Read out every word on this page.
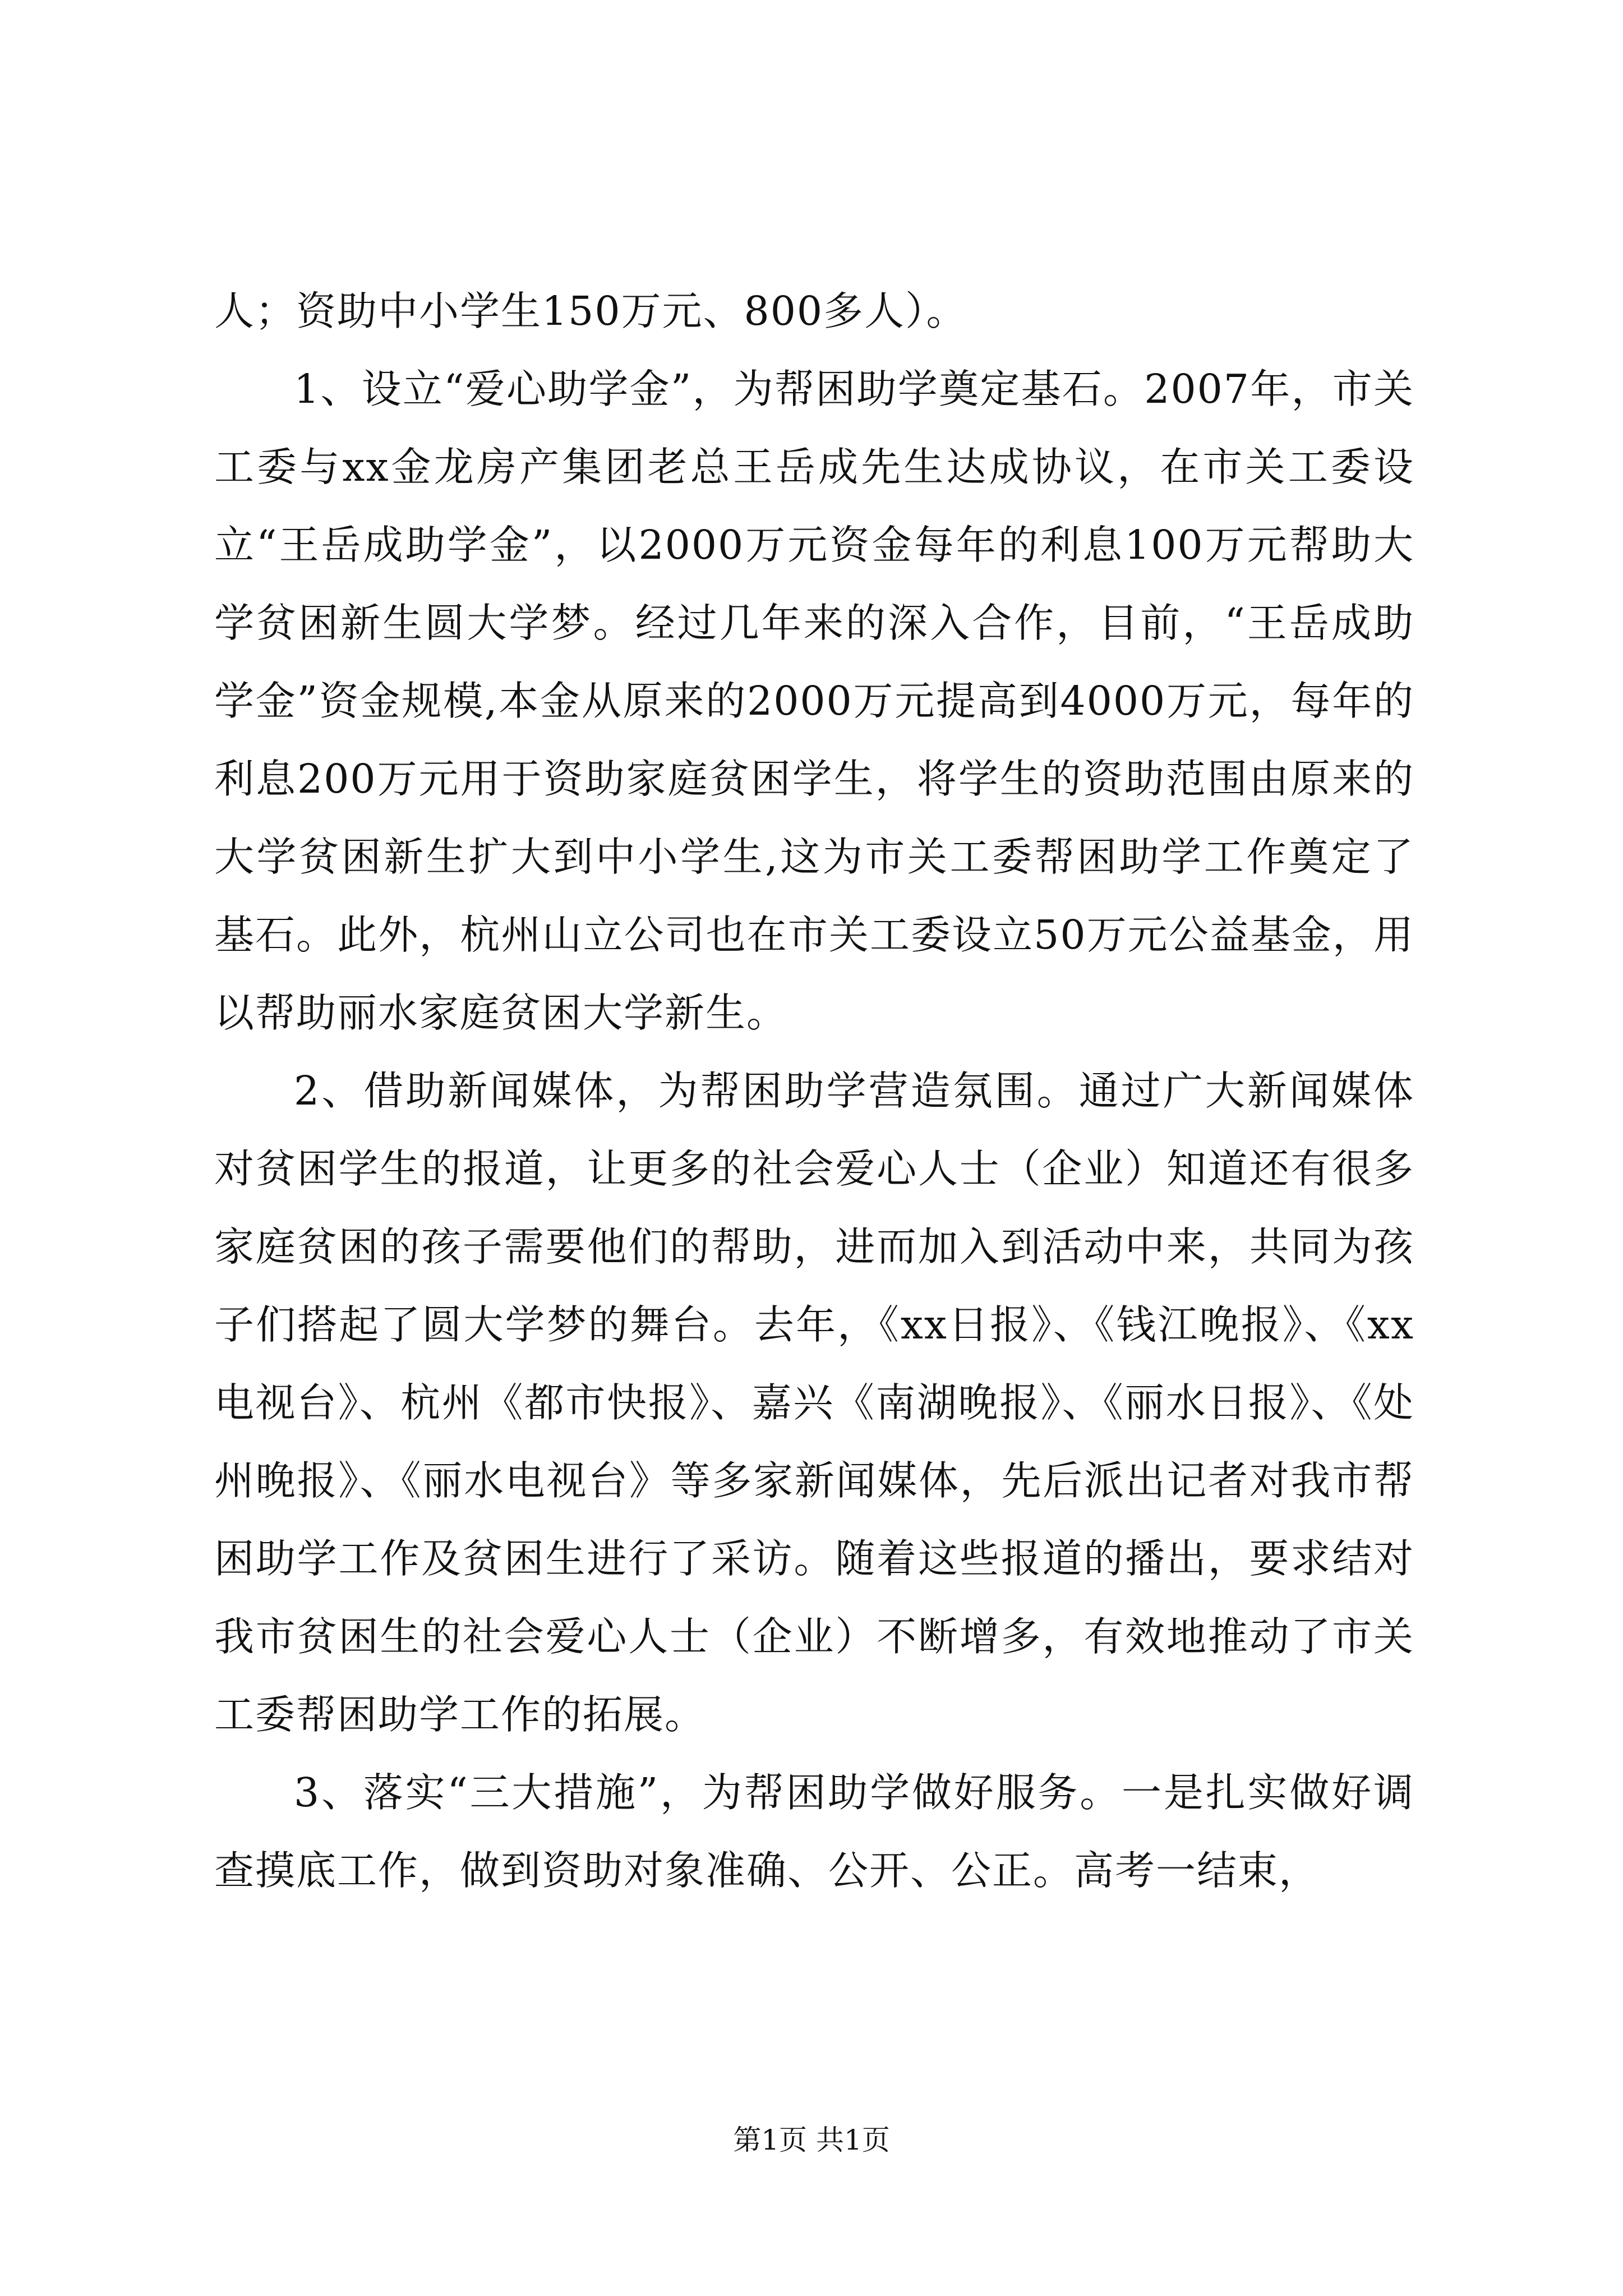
人；资助中小学生150万元、800多人）。

1、设立“爱心助学金”，为帮困助学奠定基石。2007年，市关工委与xx金龙房产集团老总王岳成先生达成协议，在市关工委设立“王岳成助学金”，以2000万元资金每年的利息100万元帮助大学贫困新生圆大学梦。经过几年来的深入合作，目前，“王岳成助学金”资金规模,本金从原来的2000万元提高到4000万元，每年的利息200万元用于资助家庭贫困学生，将学生的资助范围由原来的大学贫困新生扩大到中小学生,这为市关工委帮困助学工作奠定了基石。此外，杭州山立公司也在市关工委设立50万元公益基金，用以帮助丽水家庭贫困大学新生。

2、借助新闻媒体，为帮困助学营造氛围。通过广大新闻媒体对贫困学生的报道，让更多的社会爱心人士（企业）知道还有很多家庭贫困的孩子需要他们的帮助，进而加入到活动中来，共同为孩子们搭起了圆大学梦的舞台。去年，《xx日报》、《钱江晚报》、《xx电视台》、杭州《都市快报》、嘉兴《南湖晚报》、《丽水日报》、《处州晚报》、《丽水电视台》等多家新闻媒体，先后派出记者对我市帮困助学工作及贫困生进行了采访。随着这些报道的播出，要求结对我市贫困生的社会爱心人士（企业）不断增多，有效地推动了市关工委帮困助学工作的拓展。

3、落实“三大措施”，为帮困助学做好服务。一是扎实做好调查摸底工作，做到资助对象准确、公开、公正。高考一结束，

第1页 共1页
